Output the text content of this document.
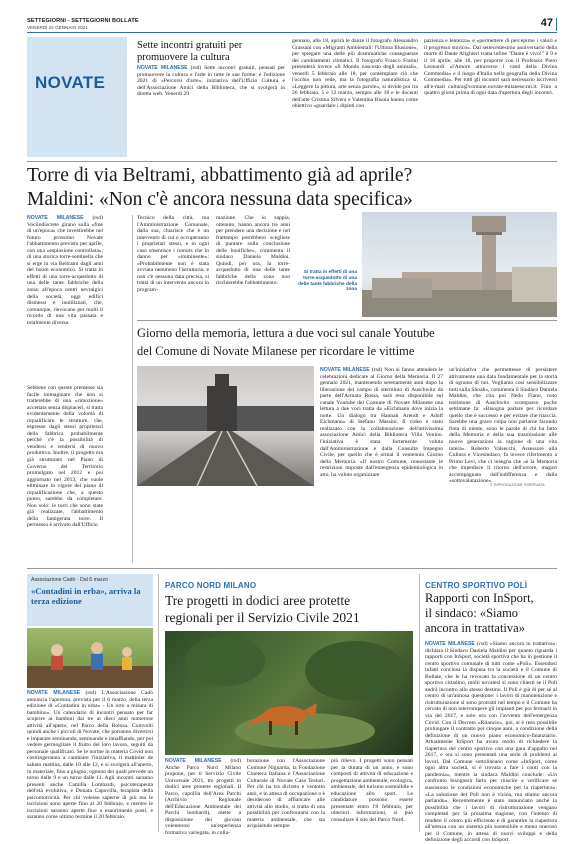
SETTEGIORNI - SETTEGIORNI BOLLATE
VENERDÌ 22 GENNAIO 2021	47
NOVATE
Sette incontri gratuiti per promuovere la cultura
NOVATE MILANESE (rsd) Sette incontri gratuiti, pensati per promuovere la cultura e l'arte in tutte le sue forme: è l'edizione 2021 di «Percorsi d'arte», iniziativa dell'Ufficio Cultura e dell'Associazione Amici della Biblioteca, che si svolgerà in diretta web. Venerdì 29
gennaio, alle 18, aprirà le danze il fotografo Alessandro Grassani con «Migranti Ambientali: l'Ultima Illusione», per spiegare una delle più drammatiche conseguenze dei cambiamenti climatici. Il fotografo Franco Fratini presenterà invece «Il Mondo nascosto degli animali», venerdì 5 febbraio alle 18, per contemplare ciò che l'occhio non vede, ma la fotografia naturalistica sì. «Leggere la pittura, arte senza parole», si divide poi tra 26 febbraio, 5 e 12 marzo, sempre alle 18 e le docenti dell'arte Cristina Silvera e Valentina Bisola hanno come obiettivo «guardare i dipinti con
pazienza e lentezza» e «permettere di percepirne i valori e il progresso storico». Dal settecentesimo anniversario della morte di Dante Alighieri tratta infine "Dante è vivo!" il 9 e il 16 aprile, alle 18, per proporre con il Professor Piero Leonardi «l'Amore attraverso i canti della Divina Commedia» e il luogo d'Italia nella geografia della Divina Commedia». Per tutti gli incontri sarà necessario iscriversi all'e-mail cultura@comune.novate-milanese.mi.it. Fino a quattro giorni prima di ogni data d'apertura degli incontri.
Torre di via Beltrami, abbattimento già ad aprile?
Maldini: «Non c'è ancora nessuna data specifica»
NOVATE MILANESE (rsd) Vociindiscrete girano sulla «fine di un'epoca» che investirebbe nel futuro prossimo Novate l'abbattimento previsto per aprile, con una «esplosione controllata», di una storica torre-sentinella che si erge in via Beltrami dagli anni del boom economico. Si tratta in effetti di una torre-acquedotto di una delle tante fabbriche della zona: all'epoca centri nevralgici della società, oggi edifici dismessi e inutilizzati, che, comunque, rievocano per molti il ricordo di una vita passata e totalmente diversa.
Sebbene con queste premesse sia facile immaginare che non si tratterebbe di una «rimozione» accettata senza dispiaceri, si tratta evidentemente della volontà di riqualificare le strutture, che, espresse dagli stessi proprietari della fabbrica probabilmente perché c'è la possibilità di vendersi e rendersi di nuovo produttiva. Inoltre, il progetto era già strutturato nel Piano di Governo del Territorio promulgato nel 2012 e poi aggiornato nel 2013, che vuole eliminare in vigore del piano di riqualificazione che, a questo punto, sarebbe da completare. Non solo: le torri che sono state già realizzate, l'abbattimento della famigerata torre. Il permesso è arrivato dall'Ufficio
Tecnico della città, ma l'Amministrazione Comunale, dalla sua, chiarisce che è un intervento di cui è occuperanno i proprietari stessi, e in ogni caso smentisce i rumors che lo danno per «imminente»: «Probabilmente non è stata avviata nemmeno l'istruttoria, e non c'è nessuna data precisa, si tratta di un intervento ancora in program-
mazione. Che io sappia, ottenuto, hanno ancora tre anni per prendere una decisione e nel frattempo potrebbero scegliere di puntare sulla conclusione delle bonifiche», commenta il sindaco Daniela Maldini. Quindi, per ora, la torre-acquedotto di una delle tante fabbriche della zona non rischierebbe l'abbattimento.
Si tratta in effetti di una torre-acquedotto di una delle tante fabbriche della zona
Giorno della memoria, lettura a due voci sul canale Youtube
del Comune di Novate Milanese per ricordare le vittime
NOVATE MILANESE (rsd) Non si fanno attendere le celebrazioni dedicate al Giorno della Memoria. Il 27 gennaio 2021, mantenendo serenamente anni dopo la liberazione del campo di sterminio di Auschwitz da parte dell'Armata Rossa, sarà resa disponibile sul canale Youtube del Comune di Novate Milanese una lettura a due voci tratta da «Eichmann dove inizia la notte. Un dialogo tra Hannah Arendt e Adolf Eichmann» di Stefano Massini. Il video è stato realizzato con la collaborazione dell'attivissima associazione Amici della Biblioteca Villa Venino. l'iniziativa è stata fortemente voluta dall'Amministrazione e dalla Consulta Impegno Civile, per quello che è ormai il ventennio Giorno della Memoria. «Il nostro Comune, nonostante le restrizioni imposte dall'emergenza epidemiologica in atto, ha voluto organizzare
un'iniziativa che permettesse di persistere attivamente una data fondamentale per la storia di ognuno di noi. Vogliamo così sensibilizzare tutti sulla Shoah», commenta il Sindaco Daniela Maldini, che cita poi Nedo Fiano, noto testimone di Auschwitz scomparso poche settimane fa: «Bisogna parlare per ricordare quello che è successo e per evitare che ritaccia. Sarebbe una grave colpa non parlarne facendo finta di niente, sono le parole di chi ha fatto della Memoria e della sua trasmissione alle nuove generazioni la ragione di una vita intera». Roberto Valsecchi, Assessore alla Cultura e Vicesindaco, fa invece riferimento a Primo Levi, che ci insegna che «è la Memoria che impedisce il ritorno dell'orrore, magari accompagnato dall'indifferenza e dalla «sottovalutazione».
© RIPRODUZIONE RISERVATA
Associazione Cadò · Dal 6 marzo
«Contadini in erba», arriva la terza edizione
NOVATE MILANESE (rsd) L'Associazione Cadò annuncia l'apertura, prevista per il 6 marzo, della terza edizione di «Contadini in erba» - Un orto a misura di bambino». Un calendario di incontri pensato per far scoprire ai bambini dai tre ai dieci anni numerose attività all'aperto, nel Parco della Bolosa. Coinvolti quindi anche i piccoli di Novate, che potranno divertirsi e imparare seminando, seminando e innaffiando, per poi vedere germogliare il frutto del loro lavoro, seguiti da personale qualificato. Se le norme in materia Covid non costringeranno a cambiare l'iniziativa, il mattinier de sabato mattina, dalle 10 alle 12, e si svolgerà all'aperto, in materiale, fino a giugno, ognuno dei quali prevede un turno dalle 9 e un turno dalle 11. Agli incontri saranno presenti anche Camilla Lombardi, psicoterapeuta dell'età evolutiva, e Donata Capovilla, terapista della psicomotricità. Per chi volesse saperne di più ma le iscrizioni sono aperte fino al 20 febbraio, e mentre le iscrizioni saranno aperte fino a esaurimento posti, e saranno come ultimo termine il 20 febbraio.
PARCO NORD MILANO
Tre progetti in dodici aree protette
regionali per il Servizio Civile 2021
NOVATE MILANESE (rsd) Anche Parco Nord Milano propone, per il Servizio Civile Universale 2021, tre progetti in dodici aree protette regionali. Il Parco, capofila dell'Area Parchi (Archivio Regionale dell'Educazione Ambientale dei Parchi lombardi), mette a disposizione dei giovani volenterosi un'esperienza formativa variegata, in colla-
borazione con l'Associazione Comune Niguarda, la Fondazione Cineteca Italiana e l'Associazione Culturale di Novate Casa Testori. Per chi ha tra diciotto e ventotto anni, e in attesa di occupazione o è desideroso di affiancare alle attività allo studio, si tratta di una possibilità per confrontarsi con la materia ambientale, che sta acquisendo sempre
più rilievo. I progetti sono pensati per la durata di un anno, e sono composti di attività di educazione e progettazione ambientale, ecologica, ambientale, del turismo sostenibile e educazione allo sport. Le candidature possono essere presentate entro l'8 febbraio, per ulteriori informazioni, si può consultare il sito del Parco Nord.
CENTRO SPORTIVO POLÌ
Rapporti con InSport,
il sindaco: «Siamo
ancora in trattativa»
NOVATE MILANESE (rsd) «Siamo ancora in trattativa»: dichiara il Sindaco Daniela Maldini per quanto riguarda i rapporti con InSport, società sportiva che ha in gestione il centro sportivo comunale di tutti come «Polì». Essendosi infatti conclusa la disputa tra la società e il Comune di Bollate, che le ha revocato la concessione di un centro sportivo cittadino, molti novatesi si sono chiesti se il Polì andrà incontro allo stesso destino. Il Polì è già di per sé al centro di un'annosa questione: i lavori di manutenzione e ristrutturazione si sono protratti nel tempo e il Comune ha cercato di non interrompere gli impianti per poi fermarli in via del 2017, e solo ora con l'avvento dell'emergenza Covid. Con il Decreto «Rilancio», poi, si è reso possibile prolungare il contratto per cinque anni, a condizione della definizione di un nuovo piano economico-finanziario. Attualmente InSport ha avuto modo di richiedere la riapertura del centro sportivo con una gara d'appalto nel 2017, e ora si sono presentati una serie di problemi ai lavori. Dal Comune sottolineano come «InSport, come ogni altra società, si è trovata a fare i conti con la pandemia», mentre la sindaca Maldini conclude: «Un confronto bisognerà farlo per riuscire a verificare se sussistono le condizioni economiche per la riapertura»: «La soluzione del Polì non è vicina, ma stiamo ancora parlando». Recentemente è stato annunciato anche la possibilità che i lavori di ristrutturazione vengano completati per la prossima stagione, con l'intento di rendere il centro più efficiente e di garantire la riapertura all'utenza con un sistema più sostenibile e meno oneroso per il Comune, in attesa di nuovi sviluppi e della definizione degli accordi con InSport.
